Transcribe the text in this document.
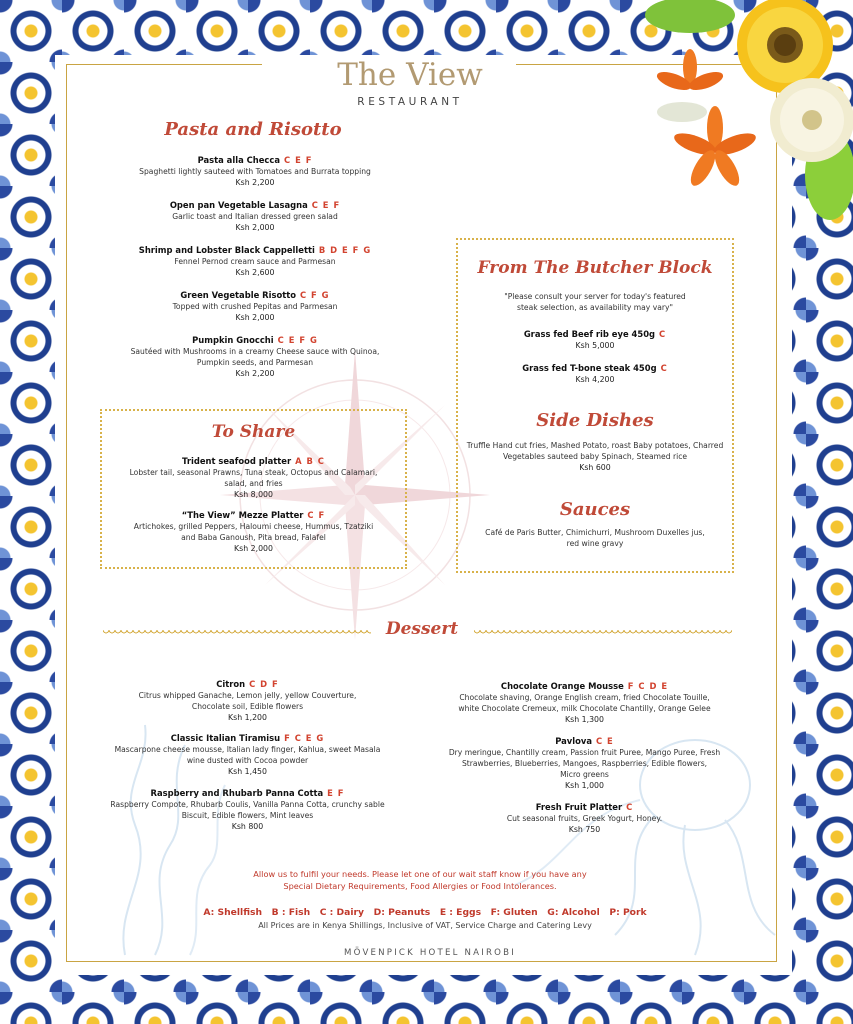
The View
RESTAURANT
Pasta and Risotto
Pasta alla Checca C E F
Spaghetti lightly sauteed with Tomatoes and Burrata topping
Ksh 2,200
Open pan Vegetable Lasagna C E F
Garlic toast and Italian dressed green salad
Ksh 2,000
Shrimp and Lobster Black Cappelletti B D E F G
Fennel Pernod cream sauce and Parmesan
Ksh 2,600
Green Vegetable Risotto C F G
Topped with crushed Pepitas and Parmesan
Ksh 2,000
Pumpkin Gnocchi C E F G
Sautéed with Mushrooms in a creamy Cheese sauce with Quinoa,
Pumpkin seeds, and Parmesan
Ksh 2,200
From The Butcher Block
"Please consult your server for today's featured
steak selection, as availability may vary"
Grass fed Beef rib eye 450g C
Ksh 5,000
Grass fed T-bone steak 450g C
Ksh 4,200
Side Dishes
Truffle Hand cut fries, Mashed Potato, roast Baby potatoes, Charred
Vegetables sauteed baby Spinach, Steamed rice
Ksh 600
Sauces
Café de Paris Butter, Chimichurri, Mushroom Duxelles jus,
red wine gravy
To Share
Trident seafood platter A B C
Lobster tail, seasonal Prawns, Tuna steak, Octopus and Calamari,
salad, and fries
Ksh 8,000
“The View” Mezze Platter C F
Artichokes, grilled Peppers, Haloumi cheese, Hummus, Tzatziki
and Baba Ganoush, Pita bread, Falafel
Ksh 2,000
Dessert
Citron C D F
Citrus whipped Ganache, Lemon jelly, yellow Couverture,
Chocolate soil, Edible flowers
Ksh 1,200
Classic Italian Tiramisu F C E G
Mascarpone cheese mousse, Italian lady finger, Kahlua, sweet Masala
wine dusted with Cocoa powder
Ksh 1,450
Raspberry and Rhubarb Panna Cotta E F
Raspberry Compote, Rhubarb Coulis, Vanilla Panna Cotta, crunchy sable
Biscuit, Edible flowers, Mint leaves
Ksh 800
Chocolate Orange Mousse F C D E
Chocolate shaving, Orange English cream, fried Chocolate Touille,
white Chocolate Cremeux, milk Chocolate Chantilly, Orange Gelee
Ksh 1,300
Pavlova C E
Dry meringue, Chantilly cream, Passion fruit Puree, Mango Puree, Fresh
Strawberries, Blueberries, Mangoes, Raspberries, Edible flowers,
Micro greens
Ksh 1,000
Fresh Fruit Platter C
Cut seasonal fruits, Greek Yogurt, Honey.
Ksh 750
Allow us to fulfil your needs. Please let one of our wait staff know if you have any
Special Dietary Requirements, Food Allergies or Food Intolerances.
A: Shellfish   B : Fish   C : Dairy   D: Peanuts   E : Eggs   F: Gluten   G: Alcohol   P: Pork
All Prices are in Kenya Shillings, Inclusive of VAT, Service Charge and Catering Levy
MÖVENPICK HOTEL NAIROBI
